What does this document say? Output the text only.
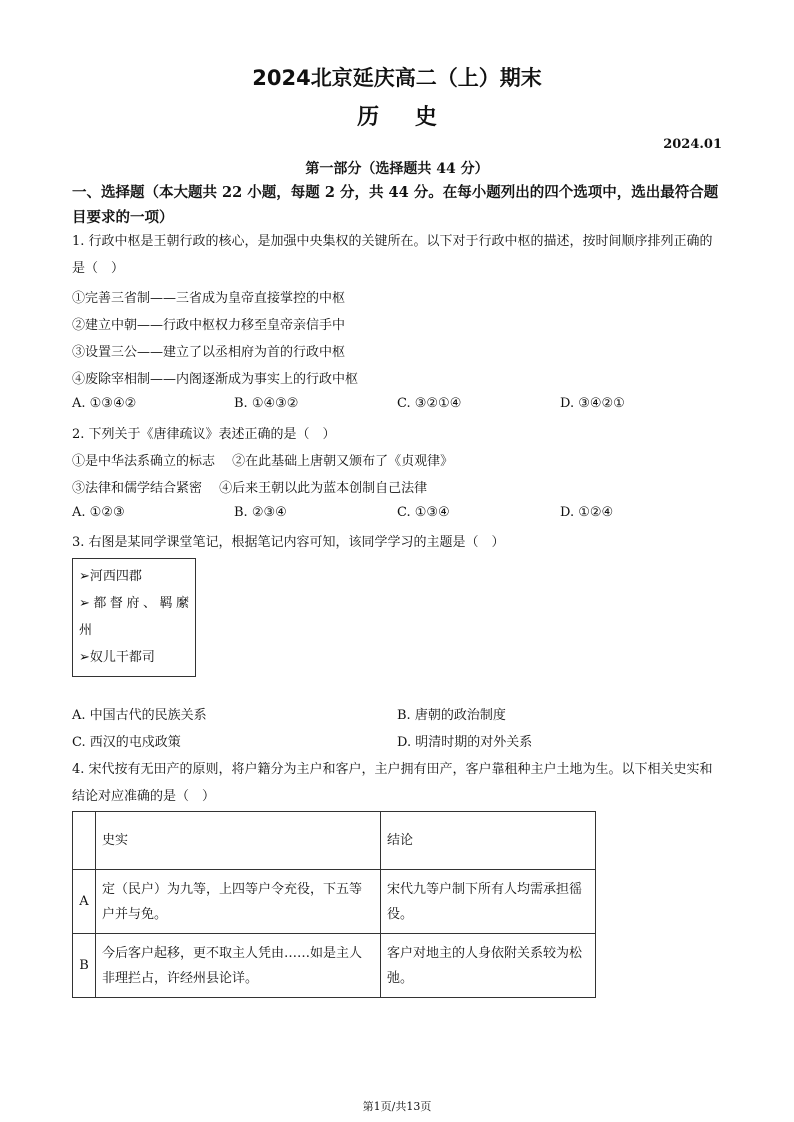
2024北京延庆高二（上）期末
历 史
2024.01
第一部分（选择题共 44 分）
一、选择题（本大题共 22 小题，每题 2 分，共 44 分。在每小题列出的四个选项中，选出最符合题目要求的一项）
1. 行政中枢是王朝行政的核心，是加强中央集权的关键所在。以下对于行政中枢的描述，按时间顺序排列正确的是（　）
①完善三省制——三省成为皇帝直接掌控的中枢
②建立中朝——行政中枢权力移至皇帝亲信手中
③设置三公——建立了以丞相府为首的行政中枢
④废除宰相制——内阁逐渐成为事实上的行政中枢
A. ①③④②	B. ①④③②	C. ③②①④	D. ③④②①
2. 下列关于《唐律疏议》表述正确的是（　）
①是中华法系确立的标志　 ②在此基础上唐朝又颁布了《贞观律》
③法律和儒学结合紧密　 ④后来王朝以此为蓝本创制自己法律
A. ①②③	B. ②③④	C. ①③④	D. ①②④
3. 右图是某同学课堂笔记，根据笔记内容可知，该同学学习的主题是（　）
➢河西四郡
➢都督府、羁縻
州
➢奴儿干都司
A. 中国古代的民族关系	B. 唐朝的政治制度
C. 西汉的屯戍政策	D. 明清时期的对外关系
4. 宋代按有无田产的原则，将户籍分为主户和客户，主户拥有田产，客户靠租种主户土地为生。以下相关史实和结论对应准确的是（　）
	史实	结论
A	定（民户）为九等，上四等户令充役，下五等户并与免。	宋代九等户制下所有人均需承担徭役。
B	今后客户起移，更不取主人凭由……如是主人非理拦占，许经州县论详。	客户对地主的人身依附关系较为松弛。
第1页/共13页
